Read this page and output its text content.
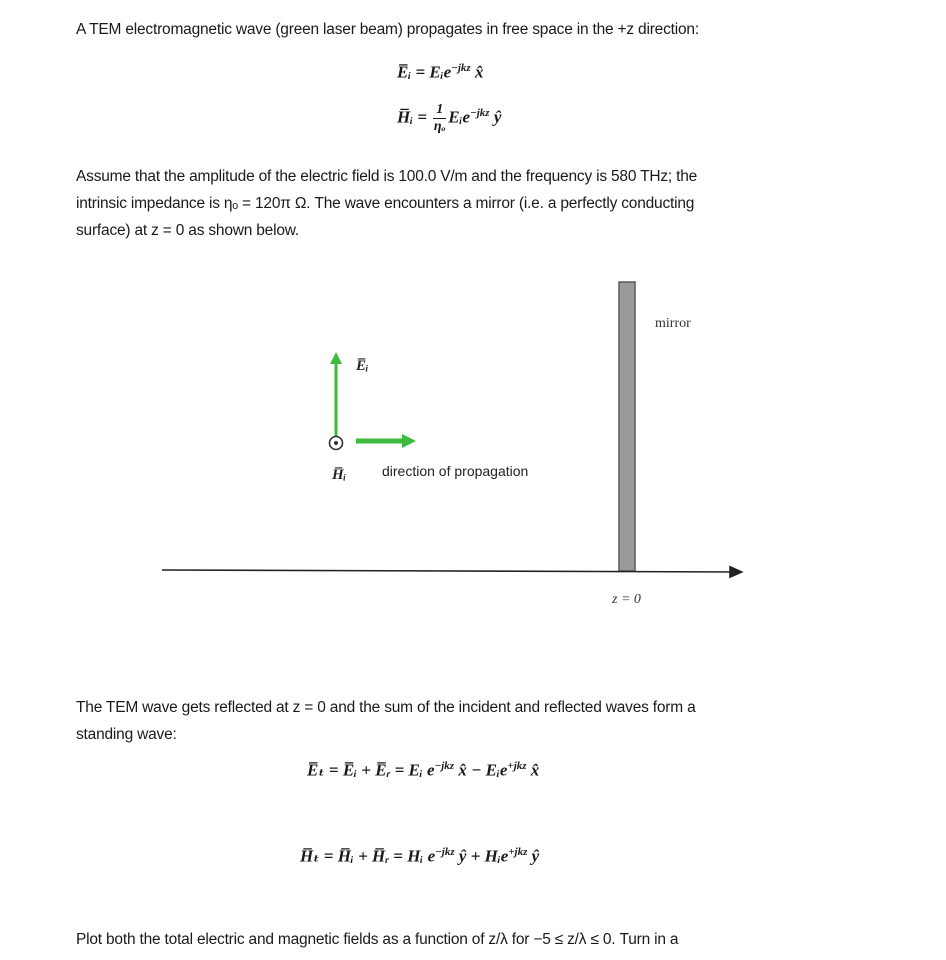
A TEM electromagnetic wave (green laser beam) propagates in free space in the +z direction:
E̅ᵢ = Eᵢe$^{-jkz}$ x̂
H̅ᵢ = $\frac{1}{\text{ηₒ}}$ Eᵢe$^{-jkz}$ ŷ
Assume that the amplitude of the electric field is 100.0 V/m and the frequency is 580 THz; the
intrinsic impedance is ηₒ = 120π Ω. The wave encounters a mirror (i.e. a perfectly conducting
surface) at z = 0 as shown below.
mirror
E̅ᵢ
H̅ᵢ	direction of propagation
z = 0
The TEM wave gets reflected at z = 0 and the sum of the incident and reflected waves form a
standing wave:
E̅ₜ = E̅ᵢ + E̅ᵣ = Eᵢ $e^{-jkz}$ x̂ − Eᵢe$^{+jkz}$ x̂
H̅ₜ = H̅ᵢ + H̅ᵣ = Hᵢ $e^{-jkz}$ ŷ + Hᵢe$^{+jkz}$ ŷ
Plot both the total electric and magnetic fields as a function of z/λ for −5 ≤ z/λ ≤ 0. Turn in a
